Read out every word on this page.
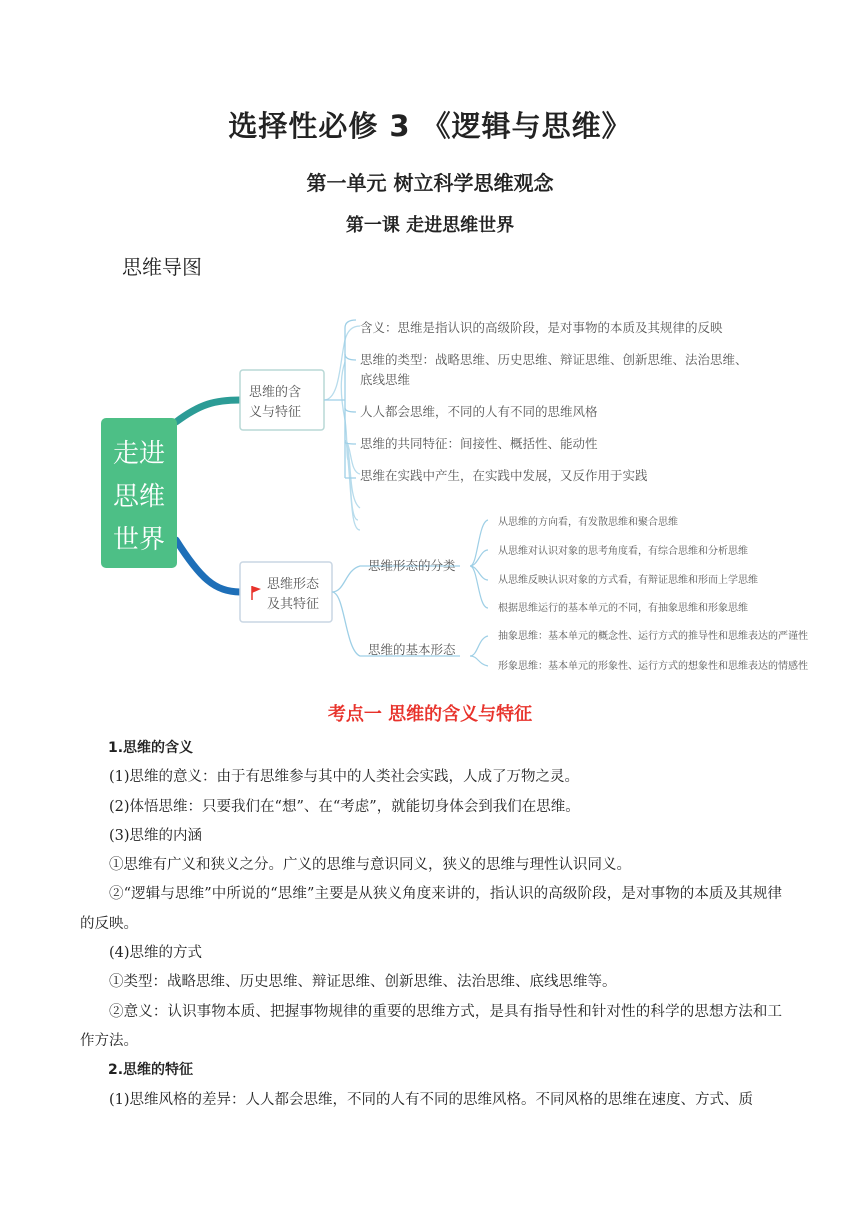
选择性必修 3 《逻辑与思维》
第一单元 树立科学思维观念
第一课 走进思维世界
思维导图
走进
思维
世界
思维的含
义与特征
含义：思维是指认识的高级阶段，是对事物的本质及其规律的反映
思维的类型：战略思维、历史思维、辩证思维、创新思维、法治思维、
底线思维
人人都会思维，不同的人有不同的思维风格
思维的共同特征：间接性、概括性、能动性
思维在实践中产生，在实践中发展，又反作用于实践
思维形态
及其特征
思维形态的分类
思维的基本形态
从思维的方向看，有发散思维和聚合思维
从思维对认识对象的思考角度看，有综合思维和分析思维
从思维反映认识对象的方式看，有辩证思维和形而上学思维
根据思维运行的基本单元的不同，有抽象思维和形象思维
抽象思维：基本单元的概念性、运行方式的推导性和思维表达的严谨性
形象思维：基本单元的形象性、运行方式的想象性和思维表达的情感性
考点一 思维的含义与特征

1.思维的含义

(1)思维的意义：由于有思维参与其中的人类社会实践，人成了万物之灵。

(2)体悟思维：只要我们在“想”、在“考虑”，就能切身体会到我们在思维。

(3)思维的内涵

①思维有广义和狭义之分。广义的思维与意识同义，狭义的思维与理性认识同义。

②“逻辑与思维”中所说的“思维”主要是从狭义角度来讲的，指认识的高级阶段，是对事物的本质及其规律的反映。

(4)思维的方式

①类型：战略思维、历史思维、辩证思维、创新思维、法治思维、底线思维等。

②意义：认识事物本质、把握事物规律的重要的思维方式，是具有指导性和针对性的科学的思想方法和工作方法。

2.思维的特征

(1)思维风格的差异：人人都会思维，不同的人有不同的思维风格。不同风格的思维在速度、方式、质
